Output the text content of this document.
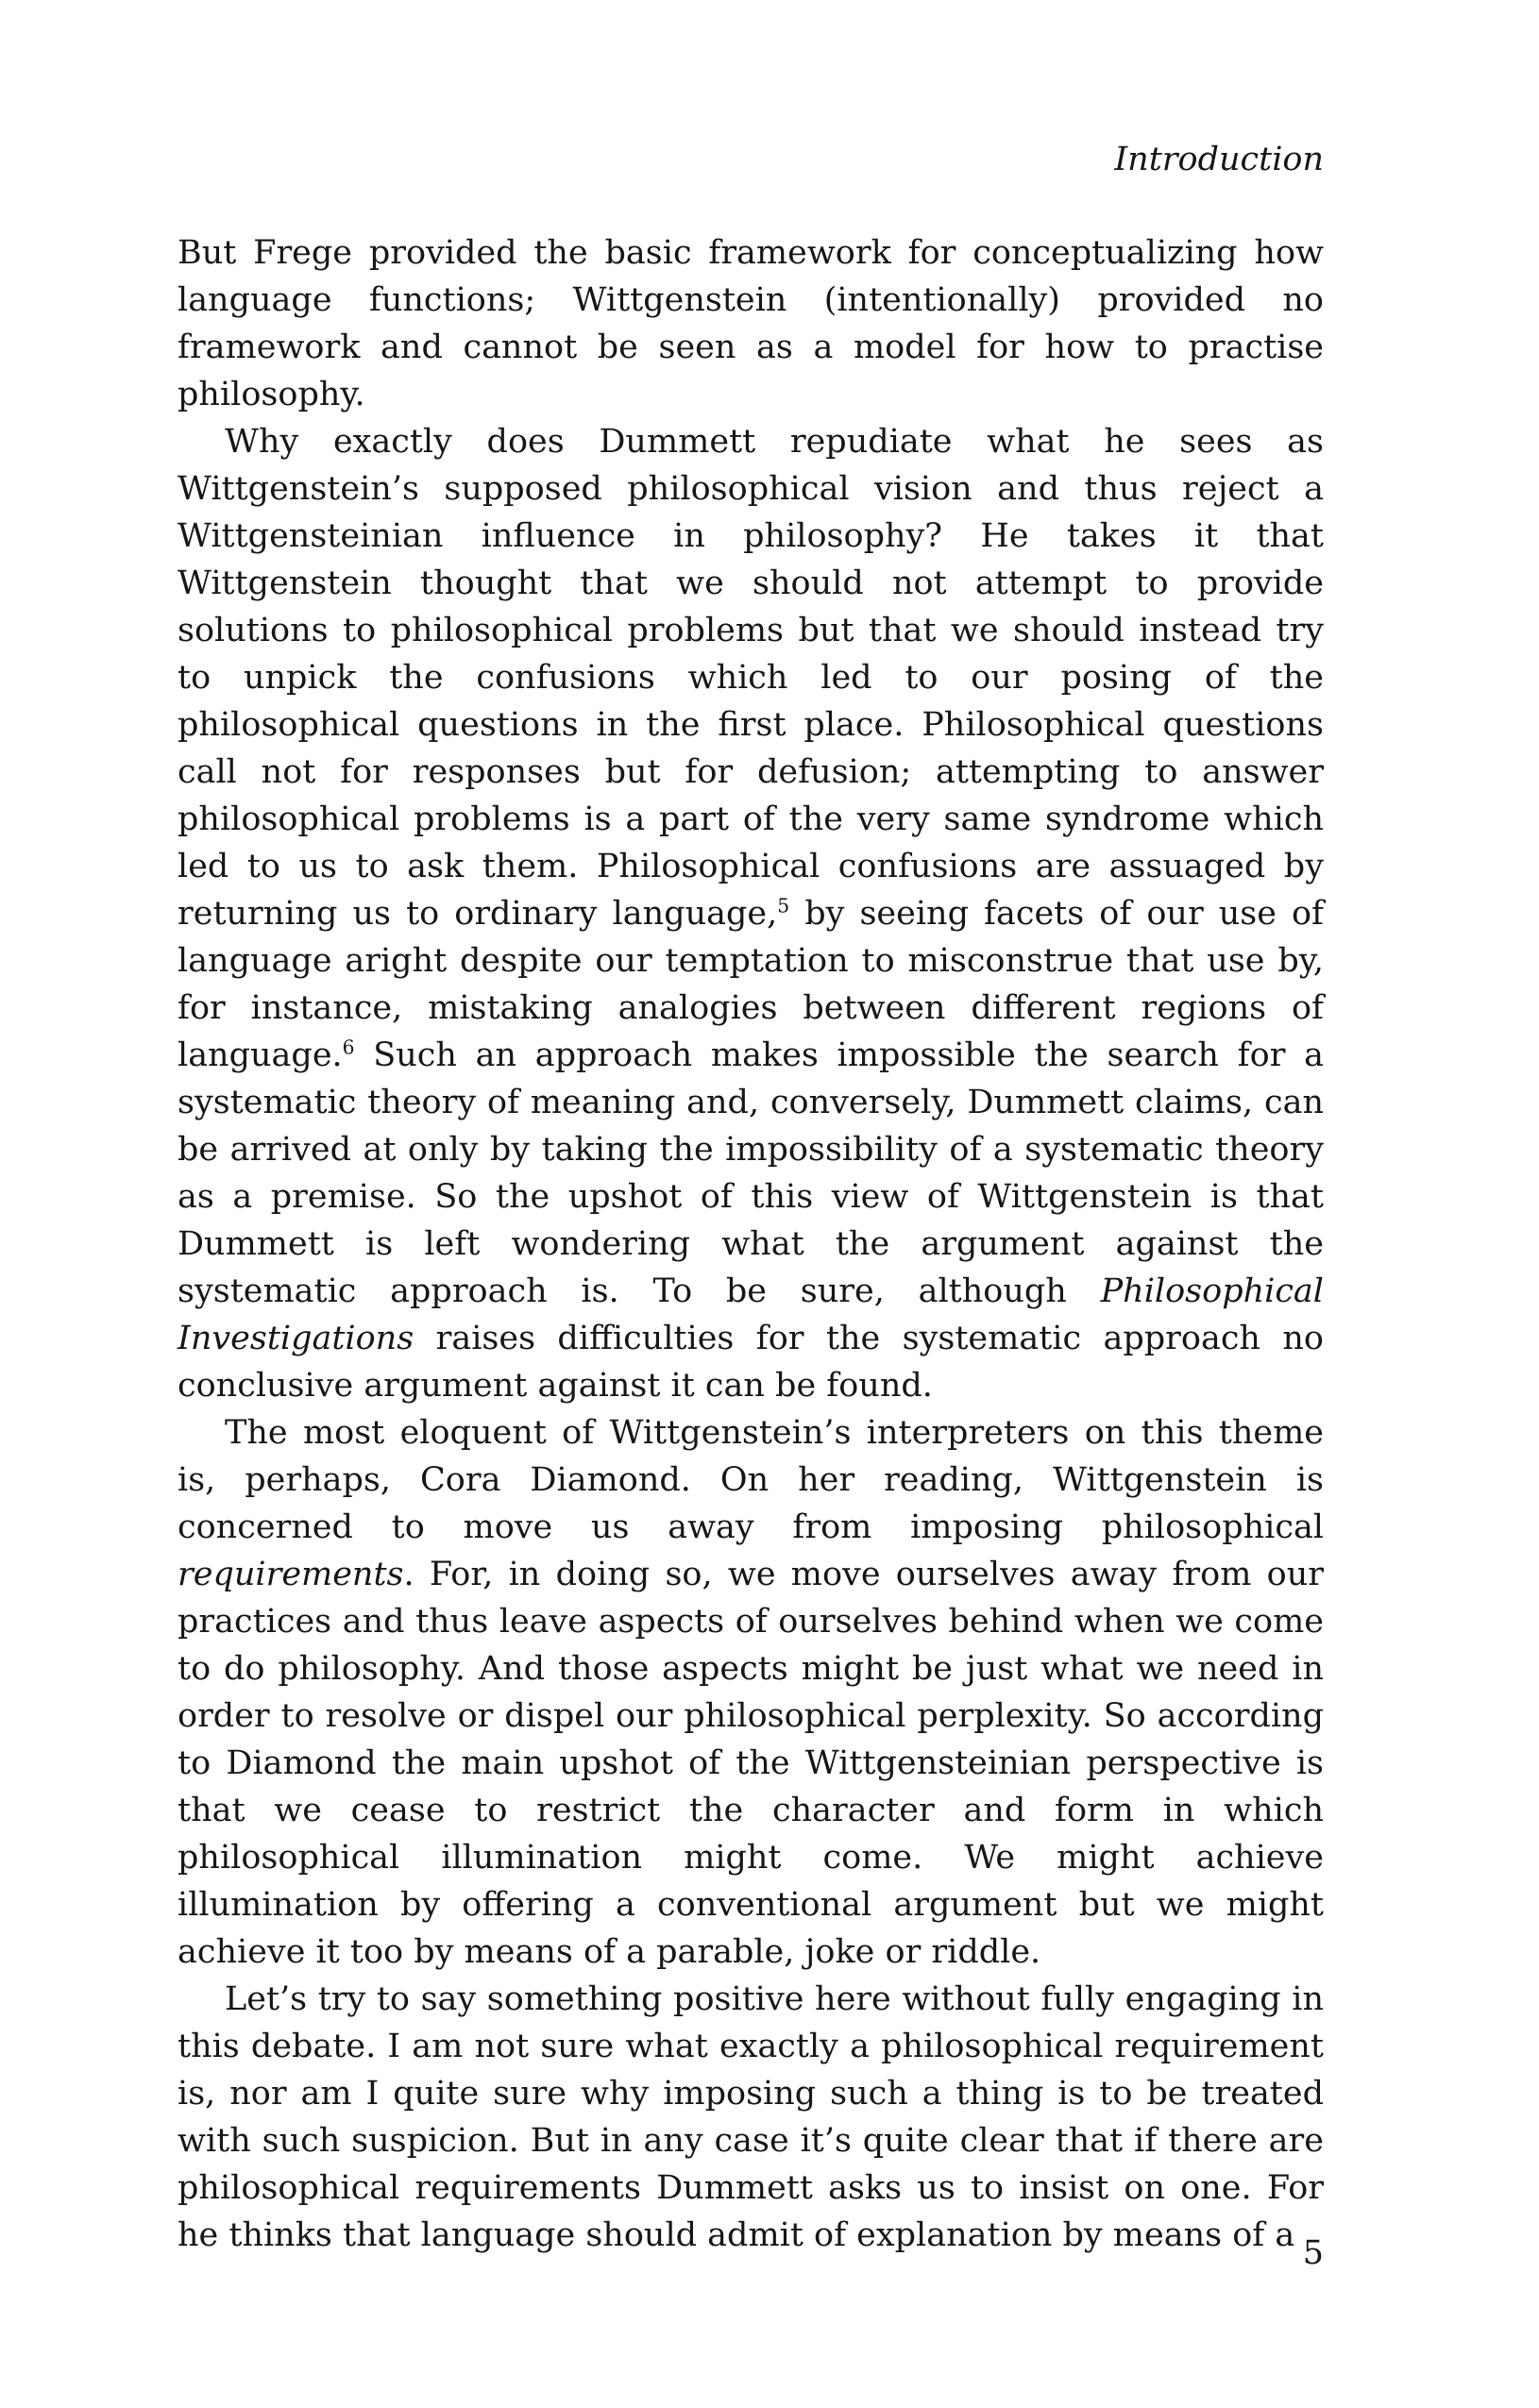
Introduction

But Frege provided the basic framework for conceptualizing how language functions; Wittgenstein (intentionally) provided no framework and cannot be seen as a model for how to practise philosophy.

Why exactly does Dummett repudiate what he sees as Wittgenstein’s supposed philosophical vision and thus reject a Wittgensteinian influence in philosophy? He takes it that Wittgenstein thought that we should not attempt to provide solutions to philosophical problems but that we should instead try to unpick the confusions which led to our posing of the philosophical questions in the first place. Philosophical questions call not for responses but for defusion; attempting to answer philosophical problems is a part of the very same syndrome which led to us to ask them. Philosophical confusions are assuaged by returning us to ordinary language,$^5$ by seeing facets of our use of language aright despite our temptation to misconstrue that use by, for instance, mistaking analogies between different regions of language.$^6$ Such an approach makes impossible the search for a systematic theory of meaning and, conversely, Dummett claims, can be arrived at only by taking the impossibility of a systematic theory as a premise. So the upshot of this view of Wittgenstein is that Dummett is left wondering what the argument against the systematic approach is. To be sure, although Philosophical Investigations raises difficulties for the systematic approach no conclusive argument against it can be found.

The most eloquent of Wittgenstein’s interpreters on this theme is, perhaps, Cora Diamond. On her reading, Wittgenstein is concerned to move us away from imposing philosophical requirements. For, in doing so, we move ourselves away from our practices and thus leave aspects of ourselves behind when we come to do philosophy. And those aspects might be just what we need in order to resolve or dispel our philosophical perplexity. So according to Diamond the main upshot of the Wittgensteinian perspective is that we cease to restrict the character and form in which philosophical illumination might come. We might achieve illumination by offering a conventional argument but we might achieve it too by means of a parable, joke or riddle.

Let’s try to say something positive here without fully engaging in this debate. I am not sure what exactly a philosophical requirement is, nor am I quite sure why imposing such a thing is to be treated with such suspicion. But in any case it’s quite clear that if there are philosophical requirements Dummett asks us to insist on one. For he thinks that language should admit of explanation by means of a 5
